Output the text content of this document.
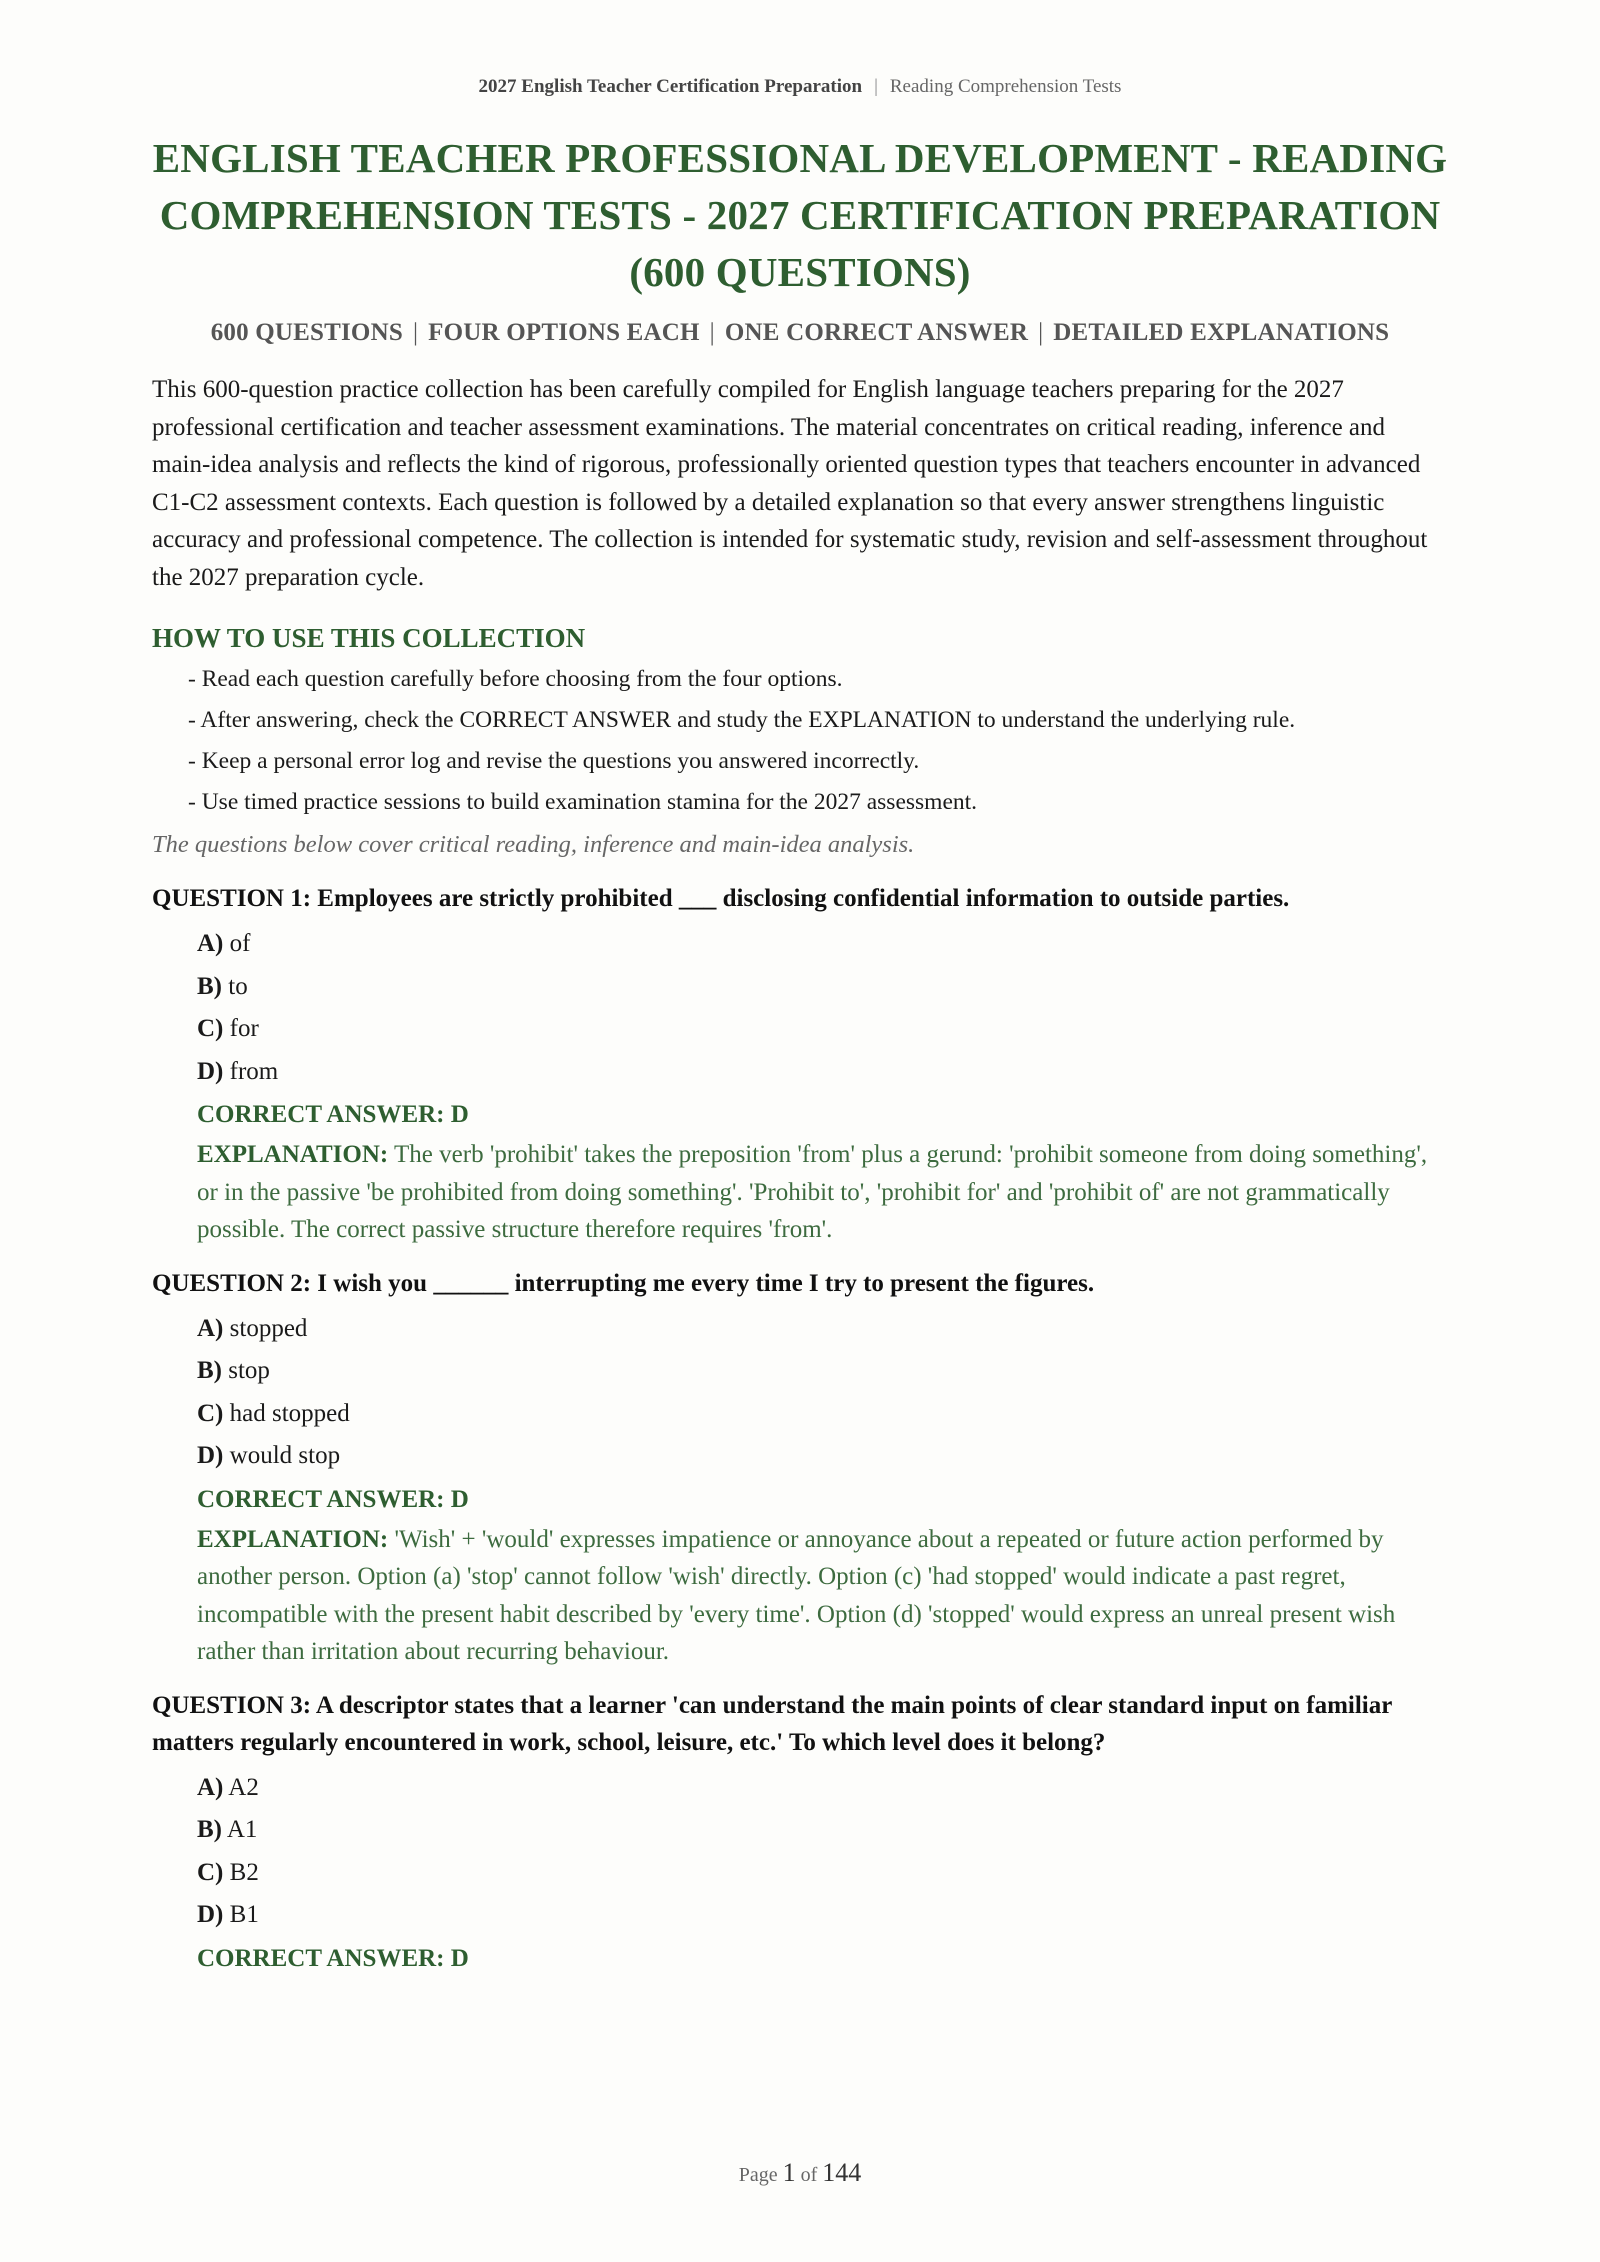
2027 English Teacher Certification Preparation | Reading Comprehension Tests
ENGLISH TEACHER PROFESSIONAL DEVELOPMENT - READING COMPREHENSION TESTS - 2027 CERTIFICATION PREPARATION (600 QUESTIONS)
600 QUESTIONS | FOUR OPTIONS EACH | ONE CORRECT ANSWER | DETAILED EXPLANATIONS

This 600-question practice collection has been carefully compiled for English language teachers preparing for the 2027 professional certification and teacher assessment examinations. The material concentrates on critical reading, inference and main-idea analysis and reflects the kind of rigorous, professionally oriented question types that teachers encounter in advanced C1-C2 assessment contexts. Each question is followed by a detailed explanation so that every answer strengthens linguistic accuracy and professional competence. The collection is intended for systematic study, revision and self-assessment throughout the 2027 preparation cycle.

HOW TO USE THIS COLLECTION
- Read each question carefully before choosing from the four options.
- After answering, check the CORRECT ANSWER and study the EXPLANATION to understand the underlying rule.
- Keep a personal error log and revise the questions you answered incorrectly.
- Use timed practice sessions to build examination stamina for the 2027 assessment.

The questions below cover critical reading, inference and main-idea analysis.

QUESTION 1: Employees are strictly prohibited ___ disclosing confidential information to outside parties.

A) of
B) to
C) for
D) from

CORRECT ANSWER: D

EXPLANATION: The verb 'prohibit' takes the preposition 'from' plus a gerund: 'prohibit someone from doing something', or in the passive 'be prohibited from doing something'. 'Prohibit to', 'prohibit for' and 'prohibit of' are not grammatically possible. The correct passive structure therefore requires 'from'.

QUESTION 2: I wish you ______ interrupting me every time I try to present the figures.

A) stopped
B) stop
C) had stopped
D) would stop

CORRECT ANSWER: D

EXPLANATION: 'Wish' + 'would' expresses impatience or annoyance about a repeated or future action performed by another person. Option (a) 'stop' cannot follow 'wish' directly. Option (c) 'had stopped' would indicate a past regret, incompatible with the present habit described by 'every time'. Option (d) 'stopped' would express an unreal present wish rather than irritation about recurring behaviour.

QUESTION 3: A descriptor states that a learner 'can understand the main points of clear standard input on familiar matters regularly encountered in work, school, leisure, etc.' To which level does it belong?

A) A2
B) A1
C) B2
D) B1

CORRECT ANSWER: D

Page 1 of 144
